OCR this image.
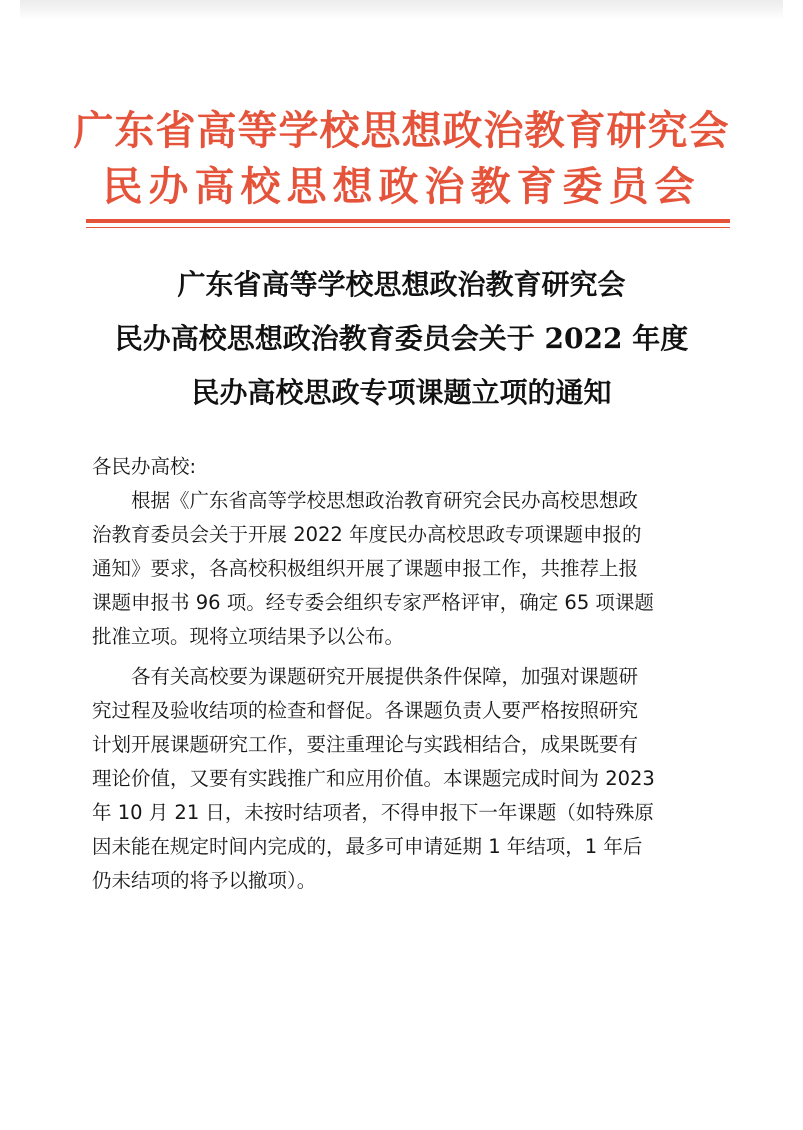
广东省高等学校思想政治教育研究会
民办高校思想政治教育委员会
广东省高等学校思想政治教育研究会
民办高校思想政治教育委员会关于 2022 年度
民办高校思政专项课题立项的通知
各民办高校:
根据《广东省高等学校思想政治教育研究会民办高校思想政
治教育委员会关于开展 2022 年度民办高校思政专项课题申报的
通知》要求，各高校积极组织开展了课题申报工作，共推荐上报
课题申报书 96 项。经专委会组织专家严格评审，确定 65 项课题
批准立项。现将立项结果予以公布。
各有关高校要为课题研究开展提供条件保障，加强对课题研
究过程及验收结项的检查和督促。各课题负责人要严格按照研究
计划开展课题研究工作，要注重理论与实践相结合，成果既要有
理论价值，又要有实践推广和应用价值。本课题完成时间为 2023
年 10 月 21 日，未按时结项者，不得申报下一年课题（如特殊原
因未能在规定时间内完成的，最多可申请延期 1 年结项，1 年后
仍未结项的将予以撤项）。
